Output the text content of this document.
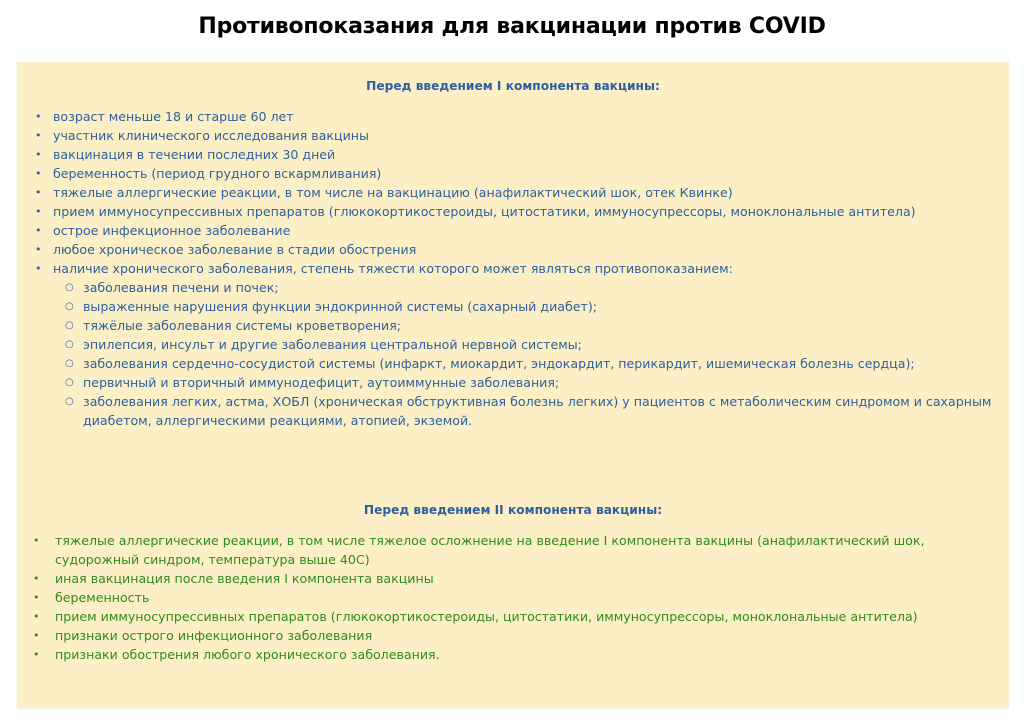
Противопоказания для вакцинации против COVID
Перед введением I компонента вакцины:
• возраст меньше 18 и старше 60 лет
• участник клинического исследования вакцины
• вакцинация в течении последних 30 дней
• беременность (период грудного вскармливания)
• тяжелые аллергические реакции, в том числе на вакцинацию (анафилактический шок, отек Квинке)
• прием иммуносупрессивных препаратов (глюкокортикостероиды, цитостатики, иммуносупрессоры, моноклональные антитела)
• острое инфекционное заболевание
• любое хроническое заболевание в стадии обострения
• наличие хронического заболевания, степень тяжести которого может являться противопоказанием:
○ заболевания печени и почек;
○ выраженные нарушения функции эндокринной системы (сахарный диабет);
○ тяжёлые заболевания системы кроветворения;
○ эпилепсия, инсульт и другие заболевания центральной нервной системы;
○ заболевания сердечно-сосудистой системы (инфаркт, миокардит, эндокардит, перикардит, ишемическая болезнь сердца);
○ первичный и вторичный иммунодефицит, аутоиммунные заболевания;
○ заболевания легких, астма, ХОБЛ (хроническая обструктивная болезнь легких) у пациентов с метаболическим синдромом и сахарным
диабетом, аллергическими реакциями, атопией, экземой.
Перед введением II компонента вакцины:
• тяжелые аллергические реакции, в том числе тяжелое осложнение на введение I компонента вакцины (анафилактический шок,
судорожный синдром, температура выше 40С)
• иная вакцинация после введения I компонента вакцины
• беременность
• прием иммуносупрессивных препаратов (глюкокортикостероиды, цитостатики, иммуносупрессоры, моноклональные антитела)
• признаки острого инфекционного заболевания
• признаки обострения любого хронического заболевания.
